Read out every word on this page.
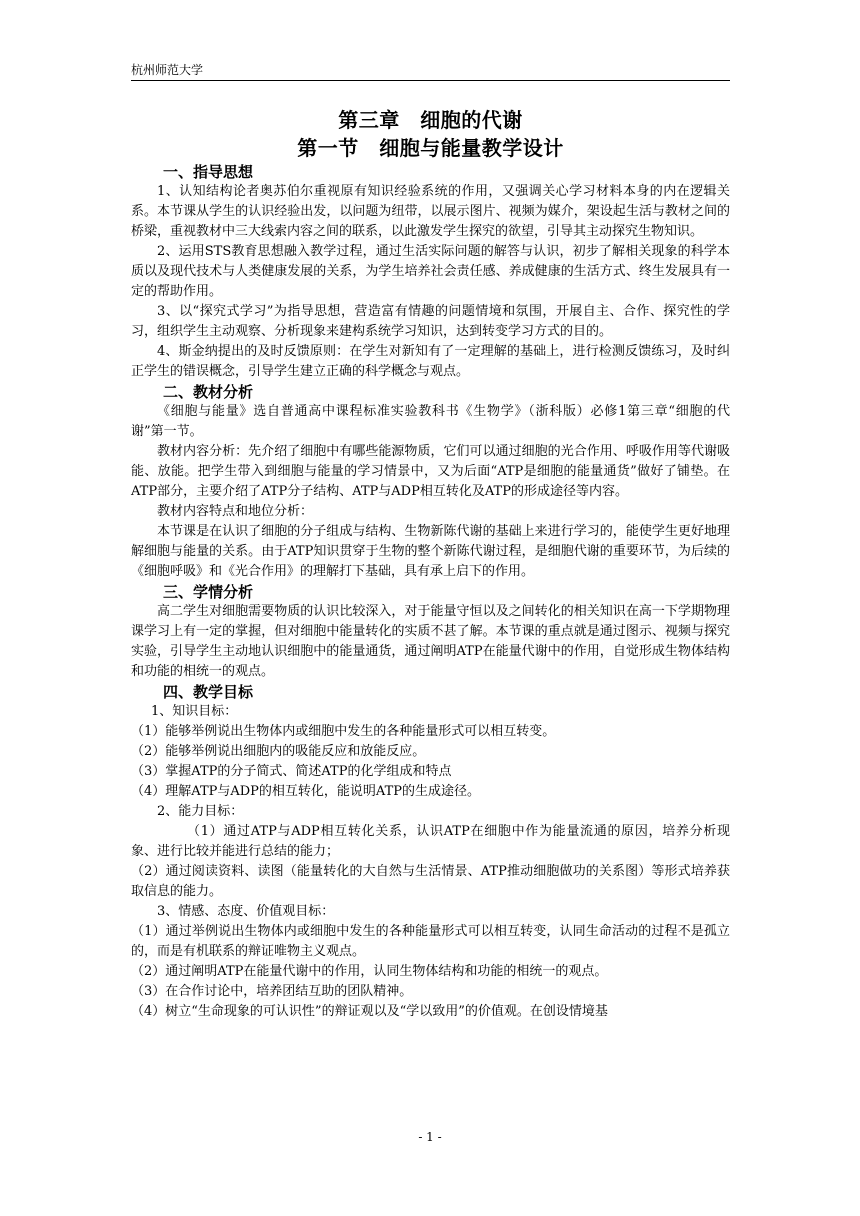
杭州师范大学
第三章　细胞的代谢
第一节　细胞与能量教学设计
一、指导思想

1、认知结构论者奥苏伯尔重视原有知识经验系统的作用，又强调关心学习材料本身的内在逻辑关系。本节课从学生的认识经验出发，以问题为纽带，以展示图片、视频为媒介，架设起生活与教材之间的桥梁，重视教材中三大线索内容之间的联系，以此激发学生探究的欲望，引导其主动探究生物知识。

2、运用STS教育思想融入教学过程，通过生活实际问题的解答与认识，初步了解相关现象的科学本质以及现代技术与人类健康发展的关系，为学生培养社会责任感、养成健康的生活方式、终生发展具有一定的帮助作用。

3、以“探究式学习”为指导思想，营造富有情趣的问题情境和氛围，开展自主、合作、探究性的学习，组织学生主动观察、分析现象来建构系统学习知识，达到转变学习方式的目的。

4、斯金纳提出的及时反馈原则：在学生对新知有了一定理解的基础上，进行检测反馈练习，及时纠正学生的错误概念，引导学生建立正确的科学概念与观点。

二、教材分析

《细胞与能量》选自普通高中课程标准实验教科书《生物学》（浙科版）必修1第三章“细胞的代谢”第一节。

教材内容分析：先介绍了细胞中有哪些能源物质，它们可以通过细胞的光合作用、呼吸作用等代谢吸能、放能。把学生带入到细胞与能量的学习情景中，又为后面“ATP是细胞的能量通货”做好了铺垫。在ATP部分，主要介绍了ATP分子结构、ATP与ADP相互转化及ATP的形成途径等内容。

教材内容特点和地位分析：

本节课是在认识了细胞的分子组成与结构、生物新陈代谢的基础上来进行学习的，能使学生更好地理解细胞与能量的关系。由于ATP知识贯穿于生物的整个新陈代谢过程，是细胞代谢的重要环节，为后续的《细胞呼吸》和《光合作用》的理解打下基础，具有承上启下的作用。

三、学情分析

高二学生对细胞需要物质的认识比较深入，对于能量守恒以及之间转化的相关知识在高一下学期物理课学习上有一定的掌握，但对细胞中能量转化的实质不甚了解。本节课的重点就是通过图示、视频与探究实验，引导学生主动地认识细胞中的能量通货，通过阐明ATP在能量代谢中的作用，自觉形成生物体结构和功能的相统一的观点。

四、教学目标

1、知识目标：

（1）能够举例说出生物体内或细胞中发生的各种能量形式可以相互转变。

（2）能够举例说出细胞内的吸能反应和放能反应。

（3）掌握ATP的分子简式、简述ATP的化学组成和特点

（4）理解ATP与ADP的相互转化，能说明ATP的生成途径。

2、能力目标：

（1）通过ATP与ADP相互转化关系，认识ATP在细胞中作为能量流通的原因，培养分析现象、进行比较并能进行总结的能力；

（2）通过阅读资料、读图（能量转化的大自然与生活情景、ATP推动细胞做功的关系图）等形式培养获取信息的能力。

3、情感、态度、价值观目标：

（1）通过举例说出生物体内或细胞中发生的各种能量形式可以相互转变，认同生命活动的过程不是孤立的，而是有机联系的辩证唯物主义观点。

（2）通过阐明ATP在能量代谢中的作用，认同生物体结构和功能的相统一的观点。

（3）在合作讨论中，培养团结互助的团队精神。

（4）树立“生命现象的可认识性”的辩证观以及“学以致用”的价值观。在创设情境基

- 1 -
